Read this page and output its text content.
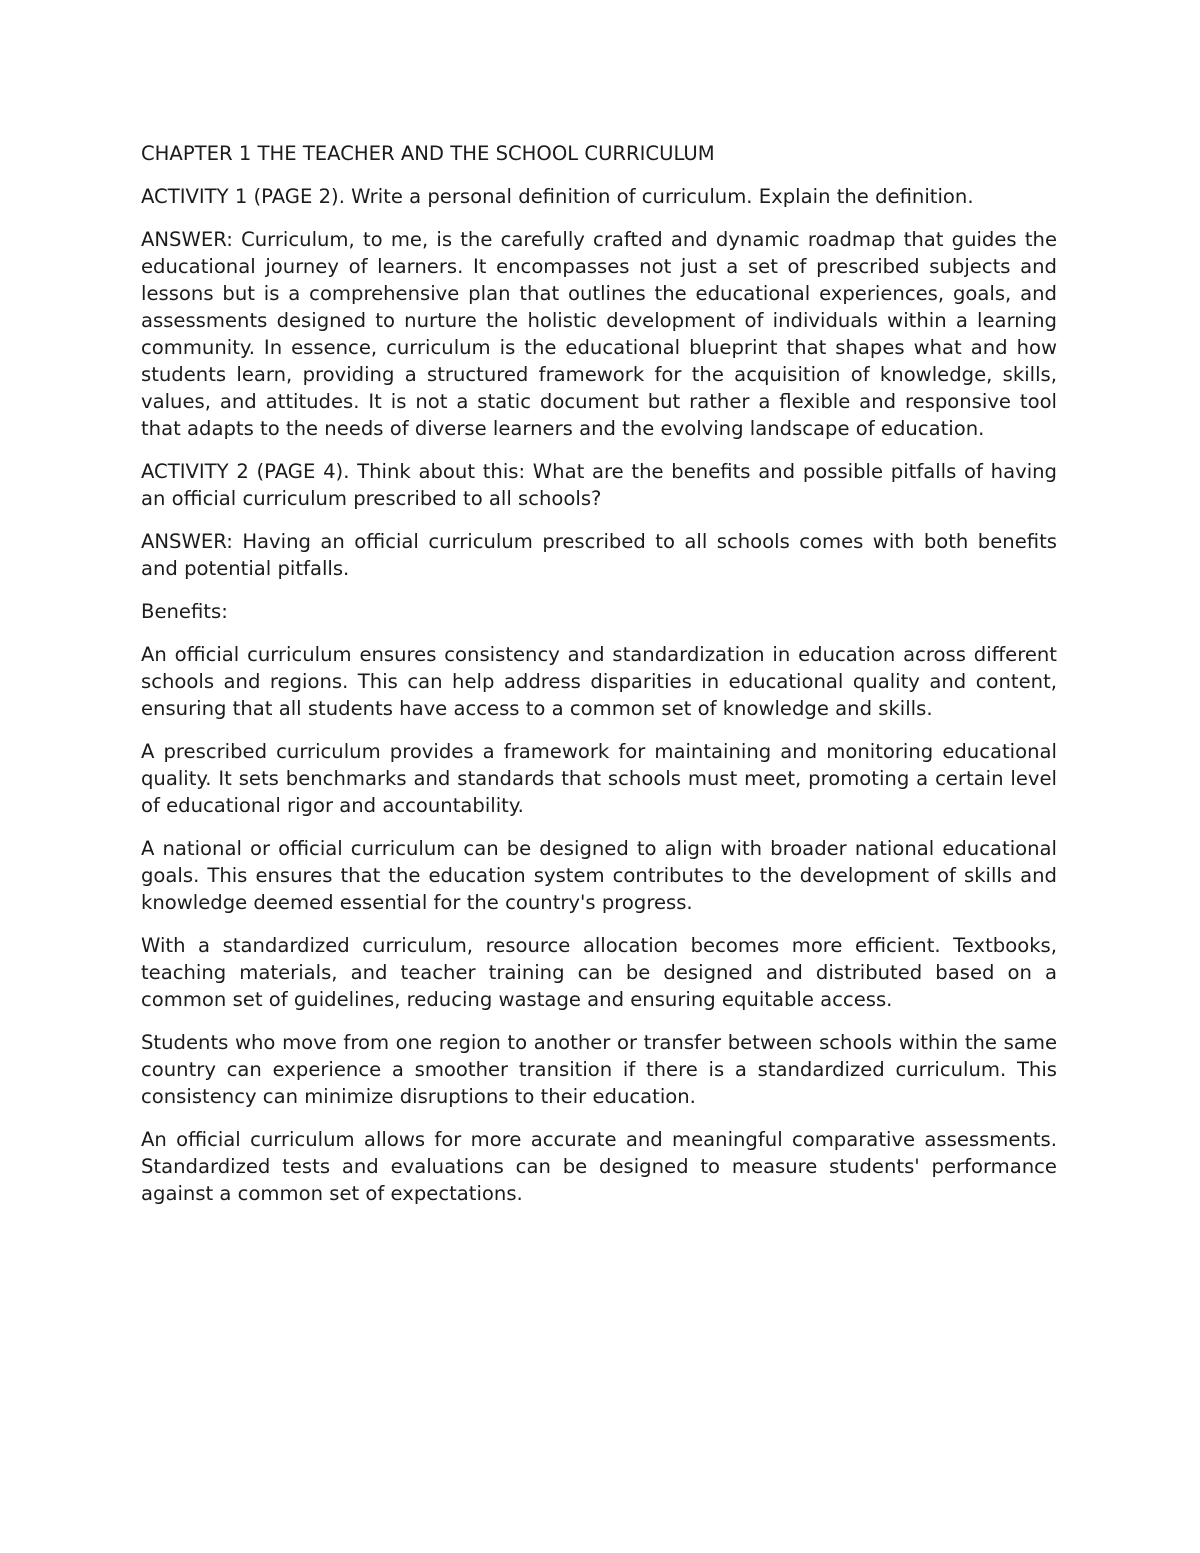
CHAPTER 1 THE TEACHER AND THE SCHOOL CURRICULUM

ACTIVITY 1 (PAGE 2). Write a personal definition of curriculum. Explain the definition.

ANSWER: Curriculum, to me, is the carefully crafted and dynamic roadmap that guides the educational journey of learners. It encompasses not just a set of prescribed subjects and lessons but is a comprehensive plan that outlines the educational experiences, goals, and assessments designed to nurture the holistic development of individuals within a learning community. In essence, curriculum is the educational blueprint that shapes what and how students learn, providing a structured framework for the acquisition of knowledge, skills, values, and attitudes. It is not a static document but rather a flexible and responsive tool that adapts to the needs of diverse learners and the evolving landscape of education.

ACTIVITY 2 (PAGE 4). Think about this: What are the benefits and possible pitfalls of having an official curriculum prescribed to all schools?

ANSWER: Having an official curriculum prescribed to all schools comes with both benefits and potential pitfalls.

Benefits:

An official curriculum ensures consistency and standardization in education across different schools and regions. This can help address disparities in educational quality and content, ensuring that all students have access to a common set of knowledge and skills.

A prescribed curriculum provides a framework for maintaining and monitoring educational quality. It sets benchmarks and standards that schools must meet, promoting a certain level of educational rigor and accountability.

A national or official curriculum can be designed to align with broader national educational goals. This ensures that the education system contributes to the development of skills and knowledge deemed essential for the country's progress.

With a standardized curriculum, resource allocation becomes more efficient. Textbooks, teaching materials, and teacher training can be designed and distributed based on a common set of guidelines, reducing wastage and ensuring equitable access.

Students who move from one region to another or transfer between schools within the same country can experience a smoother transition if there is a standardized curriculum. This consistency can minimize disruptions to their education.

An official curriculum allows for more accurate and meaningful comparative assessments. Standardized tests and evaluations can be designed to measure students' performance against a common set of expectations.
